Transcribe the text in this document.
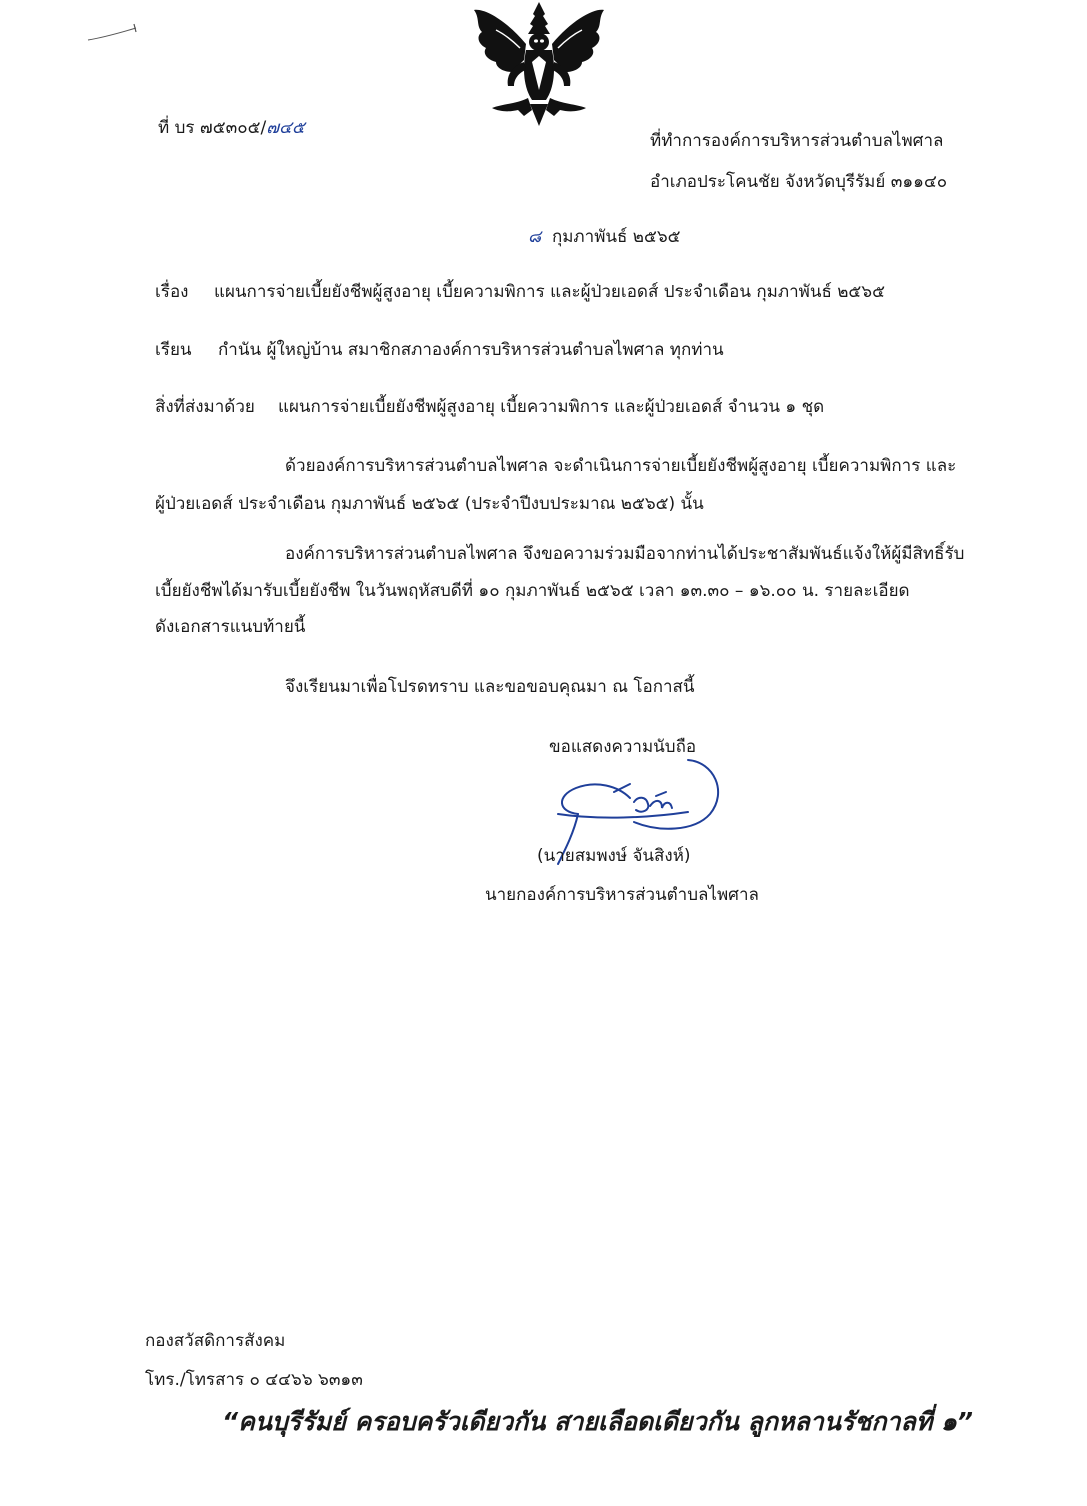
ที่ บร ๗๕๓๐๕/๗๔๕
ที่ทำการองค์การบริหารส่วนตำบลไพศาล
อำเภอประโคนชัย จังหวัดบุรีรัมย์ ๓๑๑๔๐
๘ กุมภาพันธ์ ๒๕๖๕
เรื่อง แผนการจ่ายเบี้ยยังชีพผู้สูงอายุ เบี้ยความพิการ และผู้ป่วยเอดส์ ประจำเดือน กุมภาพันธ์ ๒๕๖๕
เรียน กำนัน ผู้ใหญ่บ้าน สมาชิกสภาองค์การบริหารส่วนตำบลไพศาล ทุกท่าน
สิ่งที่ส่งมาด้วย แผนการจ่ายเบี้ยยังชีพผู้สูงอายุ เบี้ยความพิการ และผู้ป่วยเอดส์ จำนวน ๑ ชุด
ด้วยองค์การบริหารส่วนตำบลไพศาล จะดำเนินการจ่ายเบี้ยยังชีพผู้สูงอายุ เบี้ยความพิการ และ
ผู้ป่วยเอดส์ ประจำเดือน กุมภาพันธ์ ๒๕๖๕ (ประจำปีงบประมาณ ๒๕๖๕) นั้น
องค์การบริหารส่วนตำบลไพศาล จึงขอความร่วมมือจากท่านได้ประชาสัมพันธ์แจ้งให้ผู้มีสิทธิ์รับ
เบี้ยยังชีพได้มารับเบี้ยยังชีพ ในวันพฤหัสบดีที่ ๑๐ กุมภาพันธ์ ๒๕๖๕ เวลา ๑๓.๓๐ – ๑๖.๐๐ น. รายละเอียด
ดังเอกสารแนบท้ายนี้
จึงเรียนมาเพื่อโปรดทราบ และขอขอบคุณมา ณ โอกาสนี้
ขอแสดงความนับถือ
(นายสมพงษ์ จันสิงห์)
นายกองค์การบริหารส่วนตำบลไพศาล
กองสวัสดิการสังคม
โทร./โทรสาร ๐ ๔๔๖๖ ๖๓๑๓
“คนบุรีรัมย์ ครอบครัวเดียวกัน สายเลือดเดียวกัน ลูกหลานรัชกาลที่ ๑”
